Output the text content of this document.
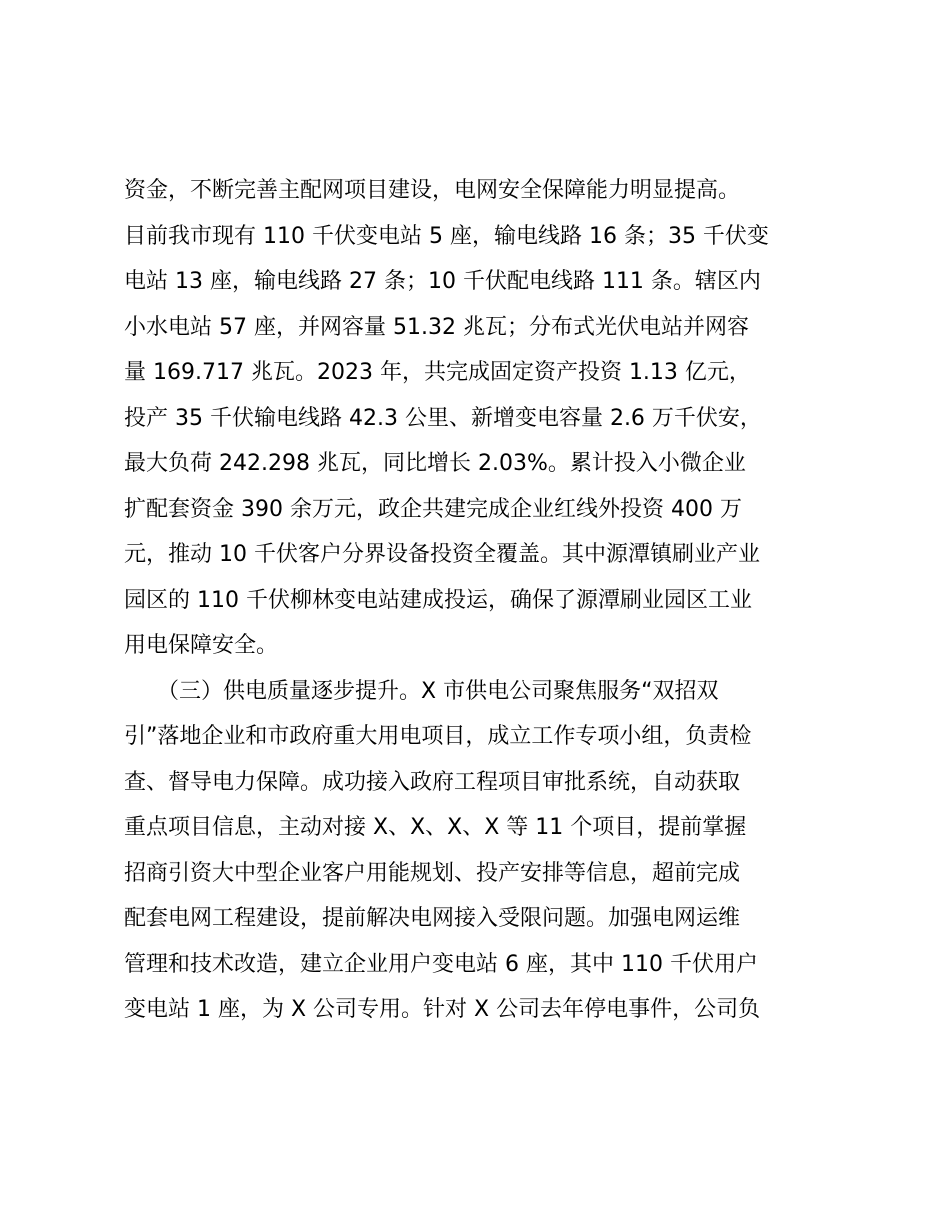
资金，不断完善主配网项目建设，电网安全保障能力明显提高。
目前我市现有 110 千伏变电站 5 座，输电线路 16 条；35 千伏变
电站 13 座，输电线路 27 条；10 千伏配电线路 111 条。辖区内
小水电站 57 座，并网容量 51.32 兆瓦；分布式光伏电站并网容
量 169.717 兆瓦。2023 年，共完成固定资产投资 1.13 亿元，
投产 35 千伏输电线路 42.3 公里、新增变电容量 2.6 万千伏安，
最大负荷 242.298 兆瓦，同比增长 2.03%。累计投入小微企业
扩配套资金 390 余万元，政企共建完成企业红线外投资 400 万
元，推动 10 千伏客户分界设备投资全覆盖。其中源潭镇刷业产业
园区的 110 千伏柳林变电站建成投运，确保了源潭刷业园区工业
用电保障安全。
　　（三）供电质量逐步提升。X 市供电公司聚焦服务“双招双
引”落地企业和市政府重大用电项目，成立工作专项小组，负责检
查、督导电力保障。成功接入政府工程项目审批系统，自动获取
重点项目信息，主动对接 X、X、X、X 等 11 个项目，提前掌握
招商引资大中型企业客户用能规划、投产安排等信息，超前完成
配套电网工程建设，提前解决电网接入受限问题。加强电网运维
管理和技术改造，建立企业用户变电站 6 座，其中 110 千伏用户
变电站 1 座，为 X 公司专用。针对 X 公司去年停电事件，公司负
